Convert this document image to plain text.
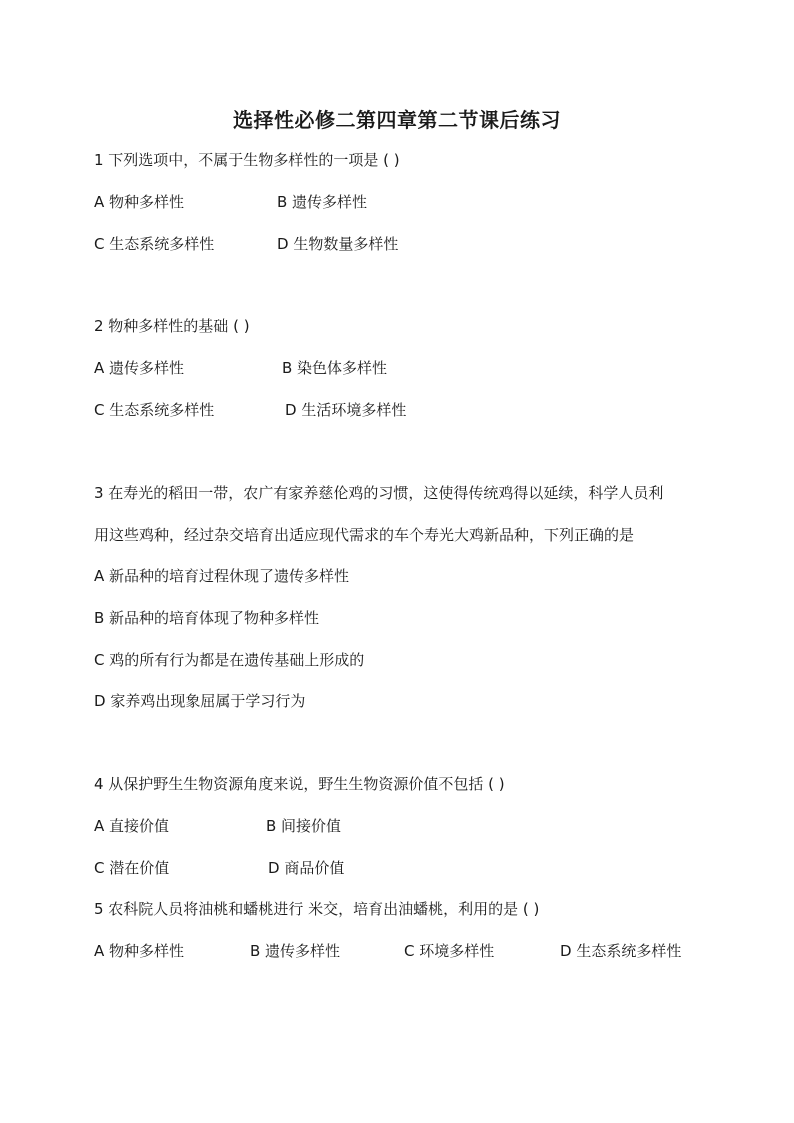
选择性必修二第四章第二节课后练习
1 下列选项中，不属于生物多样性的一项是 ( )
A 物种多样性	B 遗传多样性
C 生态系统多样性	D 生物数量多样性
2 物种多样性的基础 ( )
A 遗传多样性	B 染色体多样性
C 生态系统多样性	D 生活环境多样性
3 在寿光的稻田一带，农广有家养慈伦鸡的习惯，这使得传统鸡得以延续，科学人员利
用这些鸡种，经过杂交培育出适应现代需求的车个寿光大鸡新品种，下列正确的是
A 新品种的培育过程休现了遗传多样性
B 新品种的培育体现了物种多样性
C 鸡的所有行为都是在遗传基础上形成的
D 家养鸡出现象屈属于学习行为
4 从保护野生生物资源角度来说，野生生物资源价值不包括 ( )
A 直接价值	B 间接价值
C 潜在价值	D 商品价值
5 农科院人员将油桃和蟠桃进行 米交，培育出油蟠桃，利用的是 ( )
A 物种多样性	B 遗传多样性	C 环境多样性	D 生态系统多样性
